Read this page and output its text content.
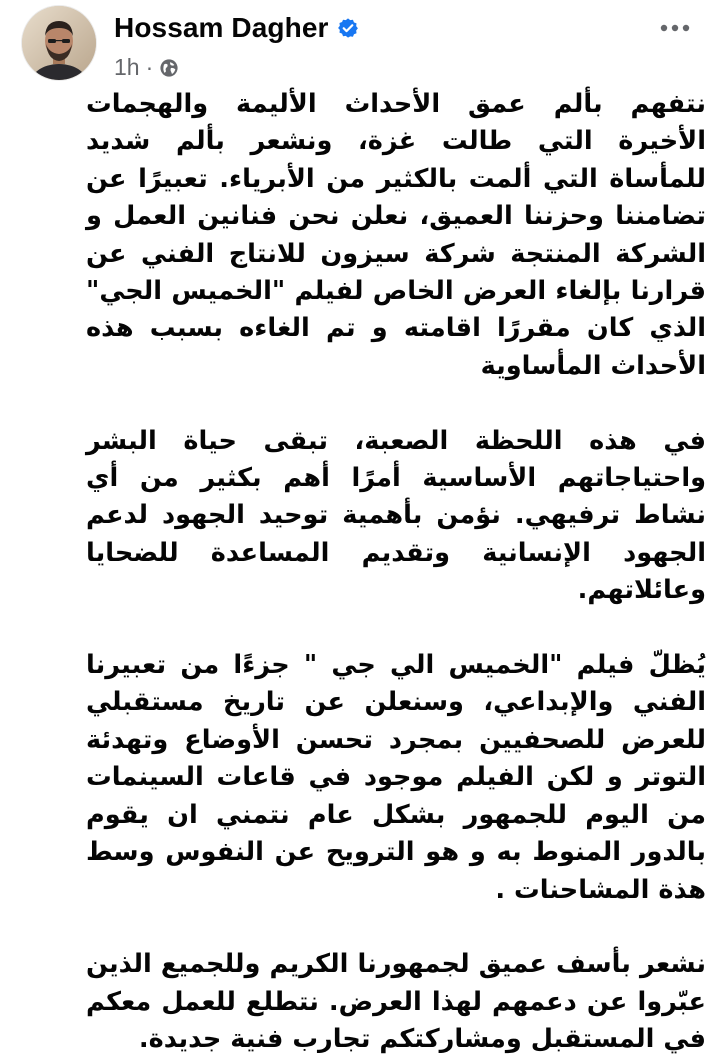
Hossam Dagher
1h ·

نتفهم بألم عمق الأحداث الأليمة والهجمات الأخيرة التي طالت غزة، ونشعر بألم شديد للمأساة التي ألمت بالكثير من الأبرياء. تعبيرًا عن تضامننا وحزننا العميق، نعلن نحن فنانين العمل و الشركة المنتجة شركة سيزون للانتاج الفني عن قرارنا بإلغاء العرض الخاص لفيلم "الخميس الجي" الذي كان مقررًا اقامته و تم الغاءه بسبب هذه الأحداث المأساوية

في هذه اللحظة الصعبة، تبقى حياة البشر واحتياجاتهم الأساسية أمرًا أهم بكثير من أي نشاط ترفيهي. نؤمن بأهمية توحيد الجهود لدعم الجهود الإنسانية وتقديم المساعدة للضحايا وعائلاتهم.

يُظلّ فيلم "الخميس الي جي " جزءًا من تعبيرنا الفني والإبداعي، وسنعلن عن تاريخ مستقبلي للعرض للصحفيين بمجرد تحسن الأوضاع وتهدئة التوتر و لكن الفيلم موجود في قاعات السينمات من اليوم للجمهور بشكل عام نتمني ان يقوم بالدور المنوط به و هو الترويح عن النفوس وسط هذة المشاحنات .

نشعر بأسف عميق لجمهورنا الكريم وللجميع الذين عبّروا عن دعمهم لهذا العرض. نتطلع للعمل معكم في المستقبل ومشاركتكم تجارب فنية جديدة.
